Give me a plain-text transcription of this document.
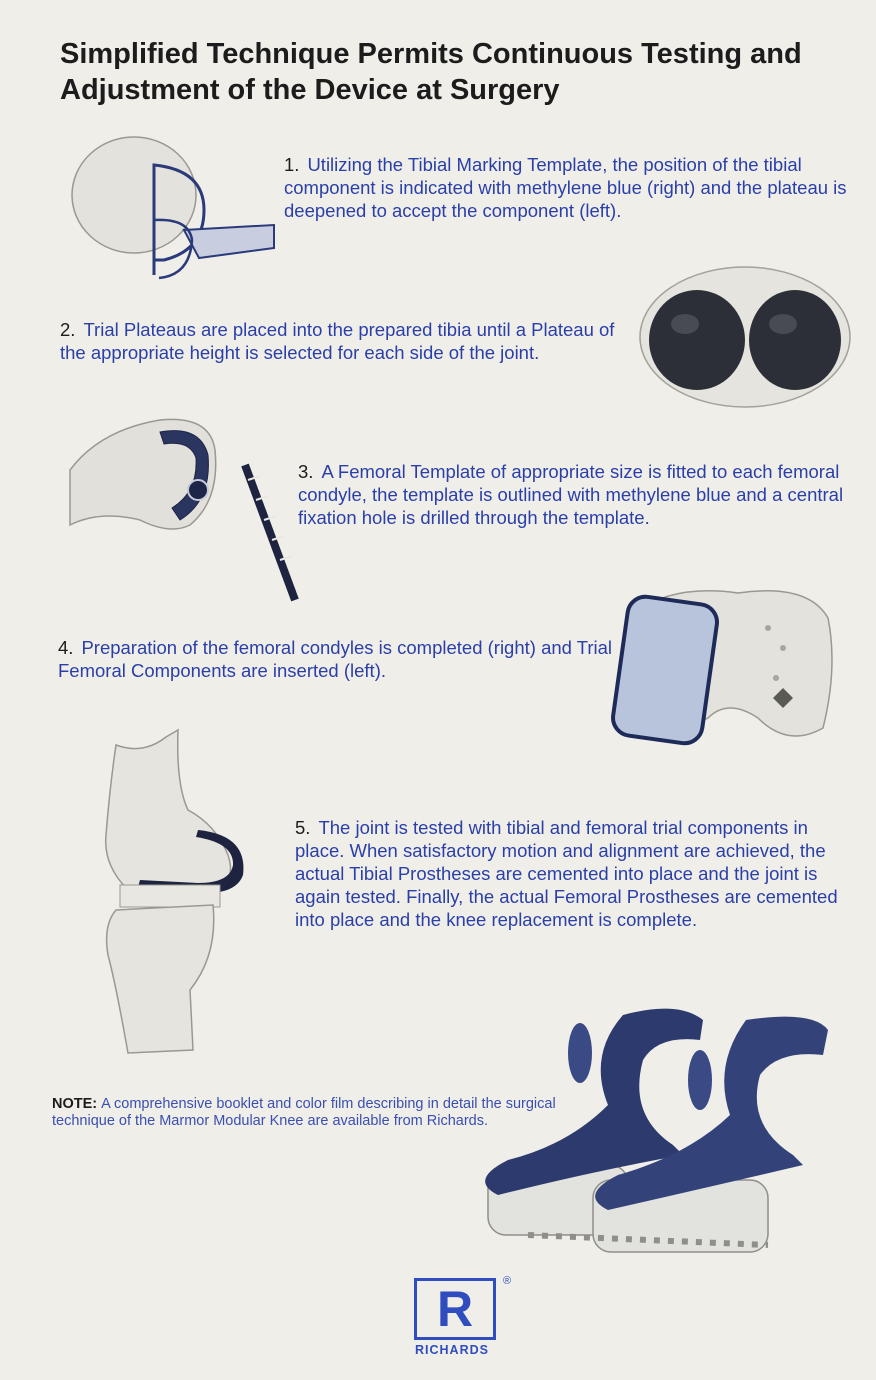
Simplified Technique Permits Continuous Testing and Adjustment of the Device at Surgery
1. Utilizing the Tibial Marking Template, the position of the tibial component is indicated with methylene blue (right) and the plateau is deepened to accept the component (left).
2. Trial Plateaus are placed into the prepared tibia until a Plateau of the appropriate height is selected for each side of the joint.
3. A Femoral Template of appropriate size is fitted to each femoral condyle, the template is outlined with methylene blue and a central fixation hole is drilled through the template.
4. Preparation of the femoral condyles is completed (right) and Trial Femoral Components are inserted (left).
5. The joint is tested with tibial and femoral trial components in place. When satisfactory motion and alignment are achieved, the actual Tibial Prostheses are cemented into place and the joint is again tested. Finally, the actual Femoral Prostheses are cemented into place and the knee replacement is complete.
NOTE: A comprehensive booklet and color film describing in detail the surgical technique of the Marmor Modular Knee are available from Richards.
R	®
RICHARDS
